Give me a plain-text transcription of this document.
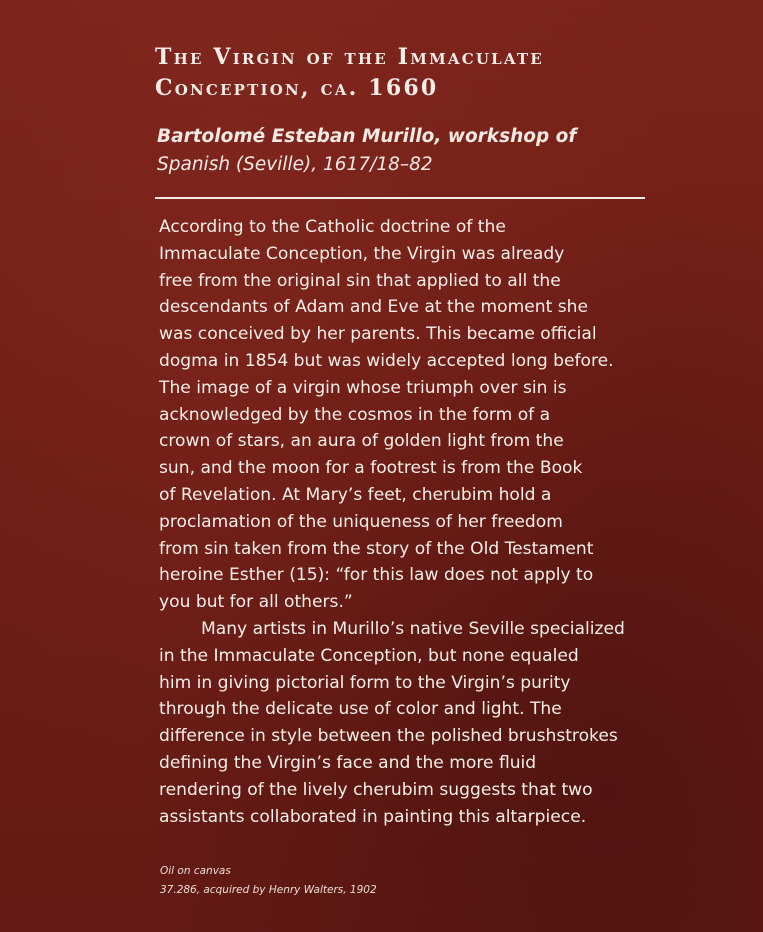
The Virgin of the Immaculate
Conception, ca. 1660
Bartolomé Esteban Murillo, workshop of
Spanish (Seville), 1617/18–82
According to the Catholic doctrine of the
Immaculate Conception, the Virgin was already
free from the original sin that applied to all the
descendants of Adam and Eve at the moment she
was conceived by her parents. This became official
dogma in 1854 but was widely accepted long before.
The image of a virgin whose triumph over sin is
acknowledged by the cosmos in the form of a
crown of stars, an aura of golden light from the
sun, and the moon for a footrest is from the Book
of Revelation. At Mary’s feet, cherubim hold a
proclamation of the uniqueness of her freedom
from sin taken from the story of the Old Testament
heroine Esther (15): “for this law does not apply to
you but for all others.”
Many artists in Murillo’s native Seville specialized
in the Immaculate Conception, but none equaled
him in giving pictorial form to the Virgin’s purity
through the delicate use of color and light. The
difference in style between the polished brushstrokes
defining the Virgin’s face and the more fluid
rendering of the lively cherubim suggests that two
assistants collaborated in painting this altarpiece.
Oil on canvas
37.286, acquired by Henry Walters, 1902
